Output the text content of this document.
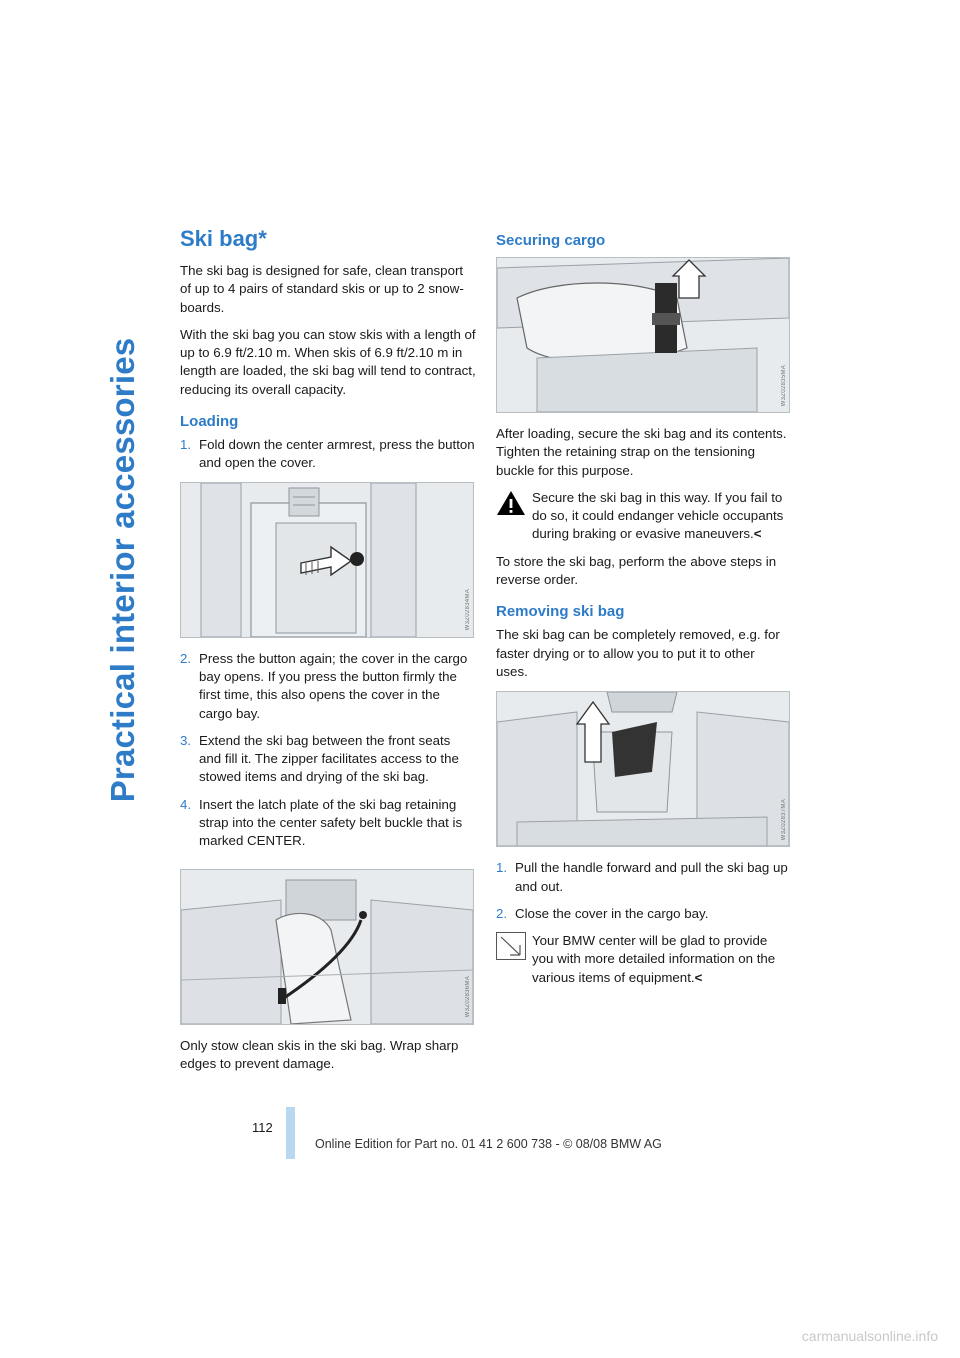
Practical interior accessories
Ski bag*

The ski bag is designed for safe, clean transport of up to 4 pairs of standard skis or up to 2 snowboards.

With the ski bag you can stow skis with a length of up to 6.9 ft/2.10 m. When skis of 6.9 ft/2.10 m in length are loaded, the ski bag will tend to contract, reducing its overall capacity.

Loading
1. Fold down the center armrest, press the button and open the cover.
W3Z02834MA
2. Press the button again; the cover in the cargo bay opens. If you press the button firmly the first time, this also opens the cover in the cargo bay.
3. Extend the ski bag between the front seats and fill it. The zipper facilitates access to the stowed items and drying of the ski bag.
4. Insert the latch plate of the ski bag retaining strap into the center safety belt buckle that is marked CENTER.
W3Z02836MA

Only stow clean skis in the ski bag. Wrap sharp edges to prevent damage.

Securing cargo
W3Z02835MA

After loading, secure the ski bag and its contents. Tighten the retaining strap on the tensioning buckle for this purpose.

Secure the ski bag in this way. If you fail to do so, it could endanger vehicle occupants during braking or evasive maneuvers.<

To store the ski bag, perform the above steps in reverse order.

Removing ski bag

The ski bag can be completely removed, e.g. for faster drying or to allow you to put it to other uses.

W3Z02837MA
1. Pull the handle forward and pull the ski bag up and out.
2. Close the cover in the cargo bay.

Your BMW center will be glad to provide you with more detailed information on the various items of equipment.<

112
Online Edition for Part no. 01 41 2 600 738 - © 08/08 BMW AG
carmanualsonline.info
